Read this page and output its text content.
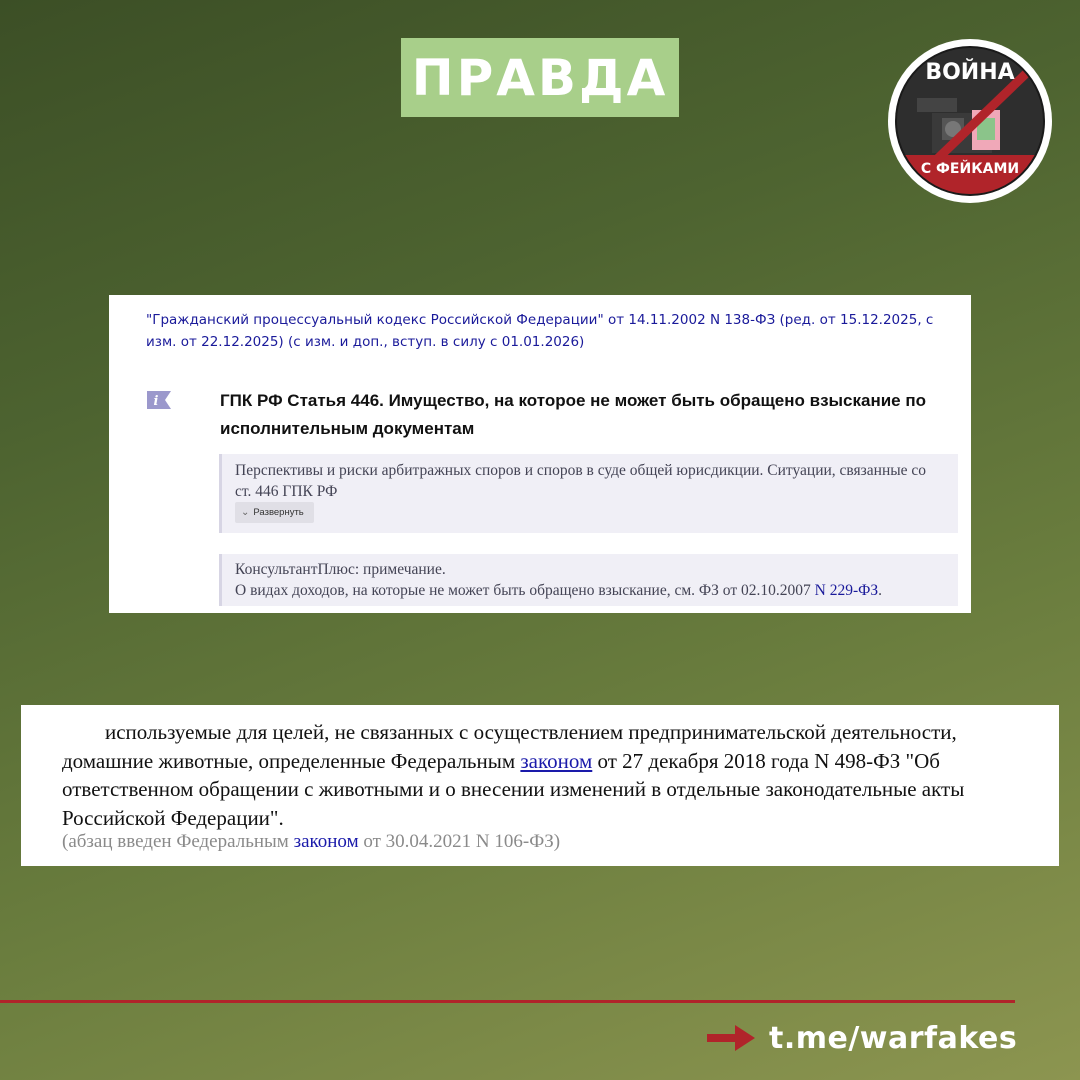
ПРАВДА	ВОЙНА
С ФЕЙКАМИ
"Гражданский процессуальный кодекс Российской Федерации" от 14.11.2002 N 138-ФЗ (ред. от 15.12.2025, с изм. от 22.12.2025) (с изм. и доп., вступ. в силу с 01.01.2026)
i	ГПК РФ Статья 446. Имущество, на которое не может быть обращено взыскание по исполнительным документам
Перспективы и риски арбитражных споров и споров в суде общей юрисдикции. Ситуации, связанные со ст. 446 ГПК РФ
⌄ Развернуть
КонсультантПлюс: примечание.
О видах доходов, на которые не может быть обращено взыскание, см. ФЗ от 02.10.2007 N 229-ФЗ.
используемые для целей, не связанных с осуществлением предпринимательской деятельности, домашние животные, определенные Федеральным законом от 27 декабря 2018 года N 498-ФЗ "Об ответственном обращении с животными и о внесении изменений в отдельные законодательные акты Российской Федерации".
(абзац введен Федеральным законом от 30.04.2021 N 106-ФЗ)
t.me/warfakes
